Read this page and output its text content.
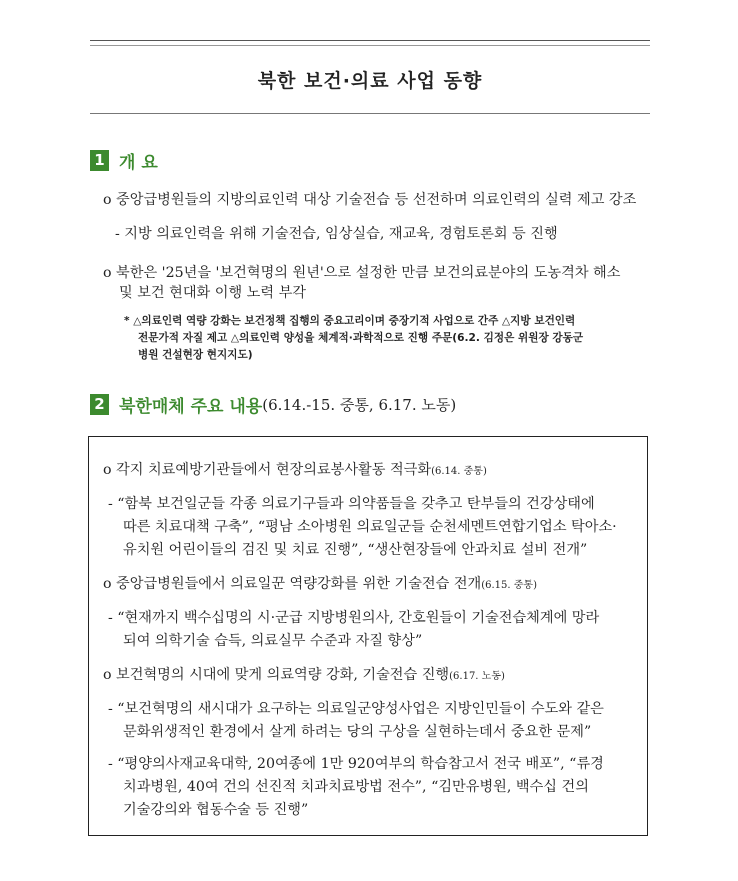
북한 보건·의료 사업 동향
1 개 요
o 중앙급병원들의 지방의료인력 대상 기술전습 등 선전하며 의료인력의 실력 제고 강조
- 지방 의료인력을 위해 기술전습, 임상실습, 재교육, 경험토론회 등 진행
o 북한은 '25년을 '보건혁명의 원년'으로 설정한 만큼 보건의료분야의 도농격차 해소
및 보건 현대화 이행 노력 부각
* △의료인력 역량 강화는 보건정책 집행의 중요고리이며 중장기적 사업으로 간주 △지방 보건인력
전문가적 자질 제고 △의료인력 양성을 체계적·과학적으로 진행 주문(6.2. 김정은 위원장 강동군
병원 건설현장 현지지도)
2 북한매체 주요 내용 (6.14.-15. 중통, 6.17. 노동)
o 각지 치료예방기관들에서 현장의료봉사활동 적극화(6.14. 중통)
- “함북 보건일군들 각종 의료기구들과 의약품들을 갖추고 탄부들의 건강상태에
따른 치료대책 구축”, “평남 소아병원 의료일군들 순천세멘트연합기업소 탁아소·
유치원 어린이들의 검진 및 치료 진행”, “생산현장들에 안과치료 설비 전개”
o 중앙급병원들에서 의료일꾼 역량강화를 위한 기술전습 전개(6.15. 중통)
- “현재까지 백수십명의 시·군급 지방병원의사, 간호원들이 기술전습체계에 망라
되여 의학기술 습득, 의료실무 수준과 자질 향상”
o 보건혁명의 시대에 맞게 의료역량 강화, 기술전습 진행(6.17. 노동)
- “보건혁명의 새시대가 요구하는 의료일군양성사업은 지방인민들이 수도와 같은
문화위생적인 환경에서 살게 하려는 당의 구상을 실현하는데서 중요한 문제”
- “평양의사재교육대학, 20여종에 1만 920여부의 학습참고서 전국 배포”, “류경
치과병원, 40여 건의 선진적 치과치료방법 전수”, “김만유병원, 백수십 건의
기술강의와 협동수술 등 진행”
